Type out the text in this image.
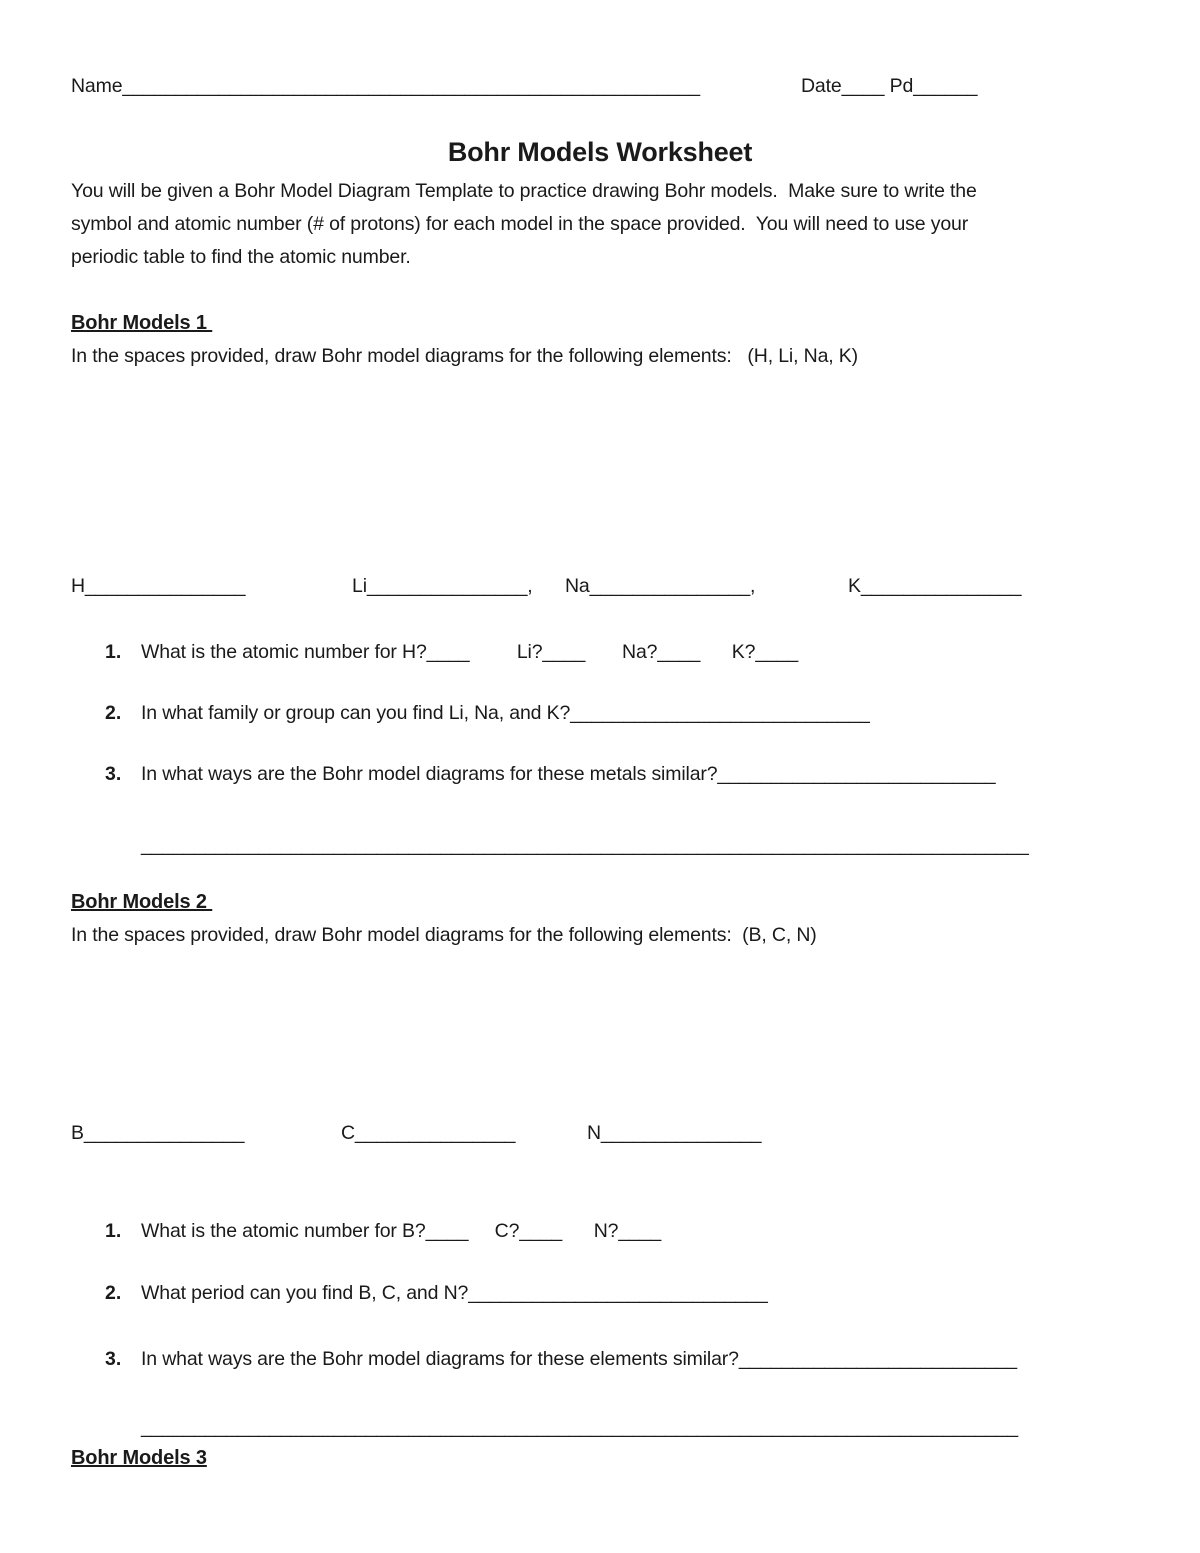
Name______________________________________________________	Date____ Pd______
Bohr Models Worksheet
You will be given a Bohr Model Diagram Template to practice drawing Bohr models.  Make sure to write the
symbol and atomic number (# of protons) for each model in the space provided.  You will need to use your
periodic table to find the atomic number.
Bohr Models 1
In the spaces provided, draw Bohr model diagrams for the following elements:   (H, Li, Na, K)
H_______________	Li_______________, Na_______________,	K_______________
1. What is the atomic number for H?____         Li?____       Na?____      K?____
2. In what family or group can you find Li, Na, and K?____________________________
3. In what ways are the Bohr model diagrams for these metals similar?__________________________
___________________________________________________________________________________
Bohr Models 2
In the spaces provided, draw Bohr model diagrams for the following elements:  (B, C, N)
B_______________	C_______________	N_______________
1. What is the atomic number for B?____     C?____      N?____
2. What period can you find B, C, and N?____________________________
3. In what ways are the Bohr model diagrams for these elements similar?__________________________
__________________________________________________________________________________
Bohr Models 3
